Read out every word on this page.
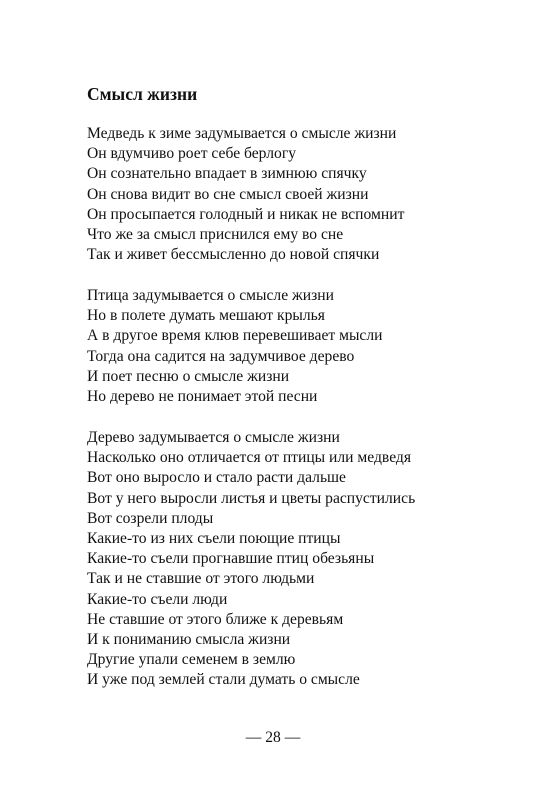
Смысл жизни
Медведь к зиме задумывается о смысле жизни
Он вдумчиво роет себе берлогу
Он сознательно впадает в зимнюю спячку
Он снова видит во сне смысл своей жизни
Он просыпается голодный и никак не вспомнит
Что же за смысл приснился ему во сне
Так и живет бессмысленно до новой спячки
Птица задумывается о смысле жизни
Но в полете думать мешают крылья
А в другое время клюв перевешивает мысли
Тогда она садится на задумчивое дерево
И поет песню о смысле жизни
Но дерево не понимает этой песни
Дерево задумывается о смысле жизни
Насколько оно отличается от птицы или медведя
Вот оно выросло и стало расти дальше
Вот у него выросли листья и цветы распустились
Вот созрели плоды
Какие-то из них съели поющие птицы
Какие-то съели прогнавшие птиц обезьяны
Так и не ставшие от этого людьми
Какие-то съели люди
Не ставшие от этого ближе к деревьям
И к пониманию смысла жизни
Другие упали семенем в землю
И уже под землей стали думать о смысле
— 28 —
